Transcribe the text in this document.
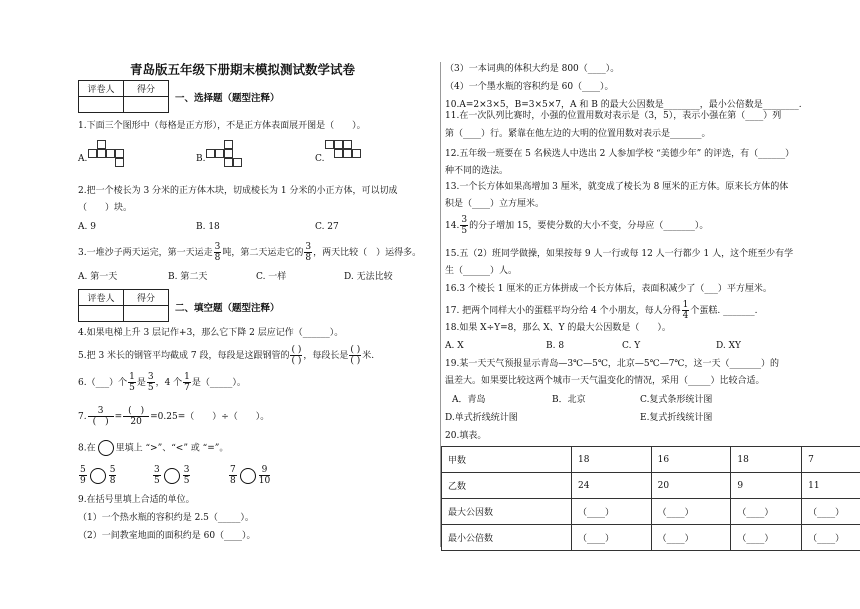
青岛版五年级下册期末模拟测试数学试卷
评卷人	得分

一、选择题（题型注释）
1.下面三个图形中（每格是正方形），不是正方体表面展开图是（　　）。
A.	B.	C.
2.把一个棱长为 3 分米的正方体木块，切成棱长为 1 分米的小正方体，可以切成
（　　）块。
A. 9	B. 18	C. 27
3.一堆沙子两天运完，第一天运走 $\frac{3}{8}$ 吨，第二天运走它的 $\frac{3}{8}$ ，两天比较（　）运得多。
A. 第一天	B. 第二天	C. 一样	D. 无法比较
评卷人	得分

二、填空题（题型注释）
4.如果电梯上升 3 层记作+3，那么它下降 2 层应记作（______）。
5.把 3 米长的钢管平均截成 7 段，每段是这跟钢管的 $\frac{( )}{( )}$ ，每段长是 $\frac{( )}{( )}$ 米.
6.（___）个 $\frac{1}{5}$ 是 $\frac{3}{5}$ ，4 个 $\frac{1}{7}$ 是（_____）。
7. $\frac{3}{( )} = \frac{( )}{20} =0.25=$（　　）÷（　　）。
8.在 里填上 “>”、“<” 或 “=”。
$\frac{5}{9} \frac{5}{8}$	$\frac{3}{5} \frac{3}{5}$	$\frac{7}{8} \frac{9}{10}$
9.在括号里填上合适的单位。
（1）一个热水瓶的容积约是 2.5（_____）。
（2）一间教室地面的面积约是 60（____）。
（3）一本词典的体积大约是 800（____）。
（4）一个墨水瓶的容积约是 60（____）。
10.A=2×3×5，B=3×5×7，A 和 B 的最大公因数是________，最小公倍数是________.
11.在一次队列比赛时，小强的位置用数对表示是（3，5），表示小强在第（____）列
第（____）行。紧靠在他左边的大明的位置用数对表示是_______。
12.五年级一班要在 5 名候选人中选出 2 人参加学校 “美德少年” 的评选，有（______）
种不同的选法。
13.一个长方体如果高增加 3 厘米，就变成了棱长为 8 厘米的正方体。原来长方体的体
积是（____）立方厘米。
14. $\frac{3}{5}$ 的分子增加 15，要使分数的大小不变，分母应（_______）。
15.五（2）班同学做操，如果按每 9 人一行或每 12 人一行都少 1 人，这个班至少有学
生（______）人。
16.3 个棱长 1 厘米的正方体拼成一个长方体后，表面积减少了（___）平方厘米。
17. 把两个同样大小的蛋糕平均分给 4 个小朋友，每人分得 $\frac{1}{4}$ 个蛋糕. _______.
18.如果 X÷Y=8，那么 X、Y 的最大公因数是（　　）。
A. X	B. 8	C. Y	D. XY
19.某一天天气预报显示青岛—3℃—5℃，北京—5℃—7℃，这一天（_______）的
温差大。如果要比较这两个城市一天气温变化的情况，采用（_____）比较合适。
A．青岛	B．北京	C.复式条形统计图
D.单式折线统计图	E.复式折线统计图
20.填表。
甲数	18	16	18	7
乙数	24	20	9	11
最大公因数	（____）	（____）	（____）	（____）
最小公倍数	（____）	（____）	（____）	（____）
